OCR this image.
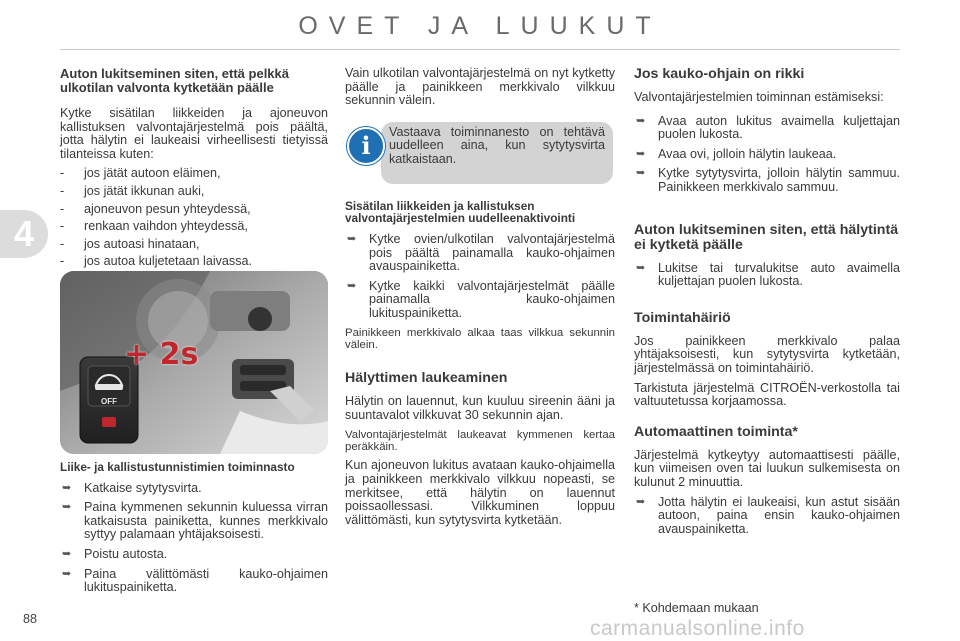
OVET JA LUUKUT
4
Auton lukitseminen siten, että pelkkä ulkotilan valvonta kytketään päälle

Kytke sisätilan liikkeiden ja ajoneuvon kallistuksen valvontajärjestelmä pois päältä, jotta hälytin ei laukeaisi virheellisesti tietyissä tilanteissa kuten:

- jos jätät autoon eläimen,
- jos jätät ikkunan auki,
- ajoneuvon pesun yhteydessä,
- renkaan vaihdon yhteydessä,
- jos autoasi hinataan,
- jos autoa kuljetetaan laivassa.
+ 2s
OFF
Liike- ja kallistustunnistimien toiminnasto
➥ Katkaise sytytysvirta.
➥ Paina kymmenen sekunnin kuluessa virran katkaisusta painiketta, kunnes merkkivalo syttyy palamaan yhtäjaksoisesti.
➥ Poistu autosta.
➥ Paina välittömästi kauko-ohjaimen lukituspainiketta.

Vain ulkotilan valvontajärjestelmä on nyt kytketty päälle ja painikkeen merkkivalo vilkkuu sekunnin välein.

i	Vastaava toiminnanesto on tehtävä uudelleen aina, kun sytytysvirta katkaistaan.
Sisätilan liikkeiden ja kallistuksen valvontajärjestelmien uudelleenaktivointi
➥ Kytke ovien/ulkotilan valvontajärjestelmä pois päältä painamalla kauko-ohjaimen avauspainiketta.
➥ Kytke kaikki valvontajärjestelmät päälle painamalla kauko-ohjaimen lukituspainiketta.

Painikkeen merkkivalo alkaa taas vilkkua sekunnin välein.

Hälyttimen laukeaminen

Hälytin on lauennut, kun kuuluu sireenin ääni ja suuntavalot vilkkuvat 30 sekunnin ajan.

Valvontajärjestelmät laukeavat kymmenen kertaa peräkkäin.

Kun ajoneuvon lukitus avataan kauko-ohjaimella ja painikkeen merkkivalo vilkkuu nopeasti, se merkitsee, että hälytin on lauennut poissaollessasi. Vilkkuminen loppuu välittömästi, kun sytytysvirta kytketään.

Jos kauko-ohjain on rikki

Valvontajärjestelmien toiminnan estämiseksi:

➥ Avaa auton lukitus avaimella kuljettajan puolen lukosta.
➥ Avaa ovi, jolloin hälytin laukeaa.
➥ Kytke sytytysvirta, jolloin hälytin sammuu. Painikkeen merkkivalo sammuu.
Auton lukitseminen siten, että hälytintä ei kytketä päälle
➥ Lukitse tai turvalukitse auto avaimella kuljettajan puolen lukosta.
Toimintahäiriö

Jos painikkeen merkkivalo palaa yhtäjaksoisesti, kun sytytysvirta kytketään, järjestelmässä on toimintahäiriö.

Tarkistuta järjestelmä CITROËN-verkostolla tai valtuutetussa korjaamossa.

Automaattinen toiminta*

Järjestelmä kytkeytyy automaattisesti päälle, kun viimeisen oven tai luukun sulkemisesta on kulunut 2 minuuttia.

➥ Jotta hälytin ei laukeaisi, kun astut sisään autoon, paina ensin kauko-ohjaimen avauspainiketta.
* Kohdemaan mukaan
88	carmanualsonline.info
